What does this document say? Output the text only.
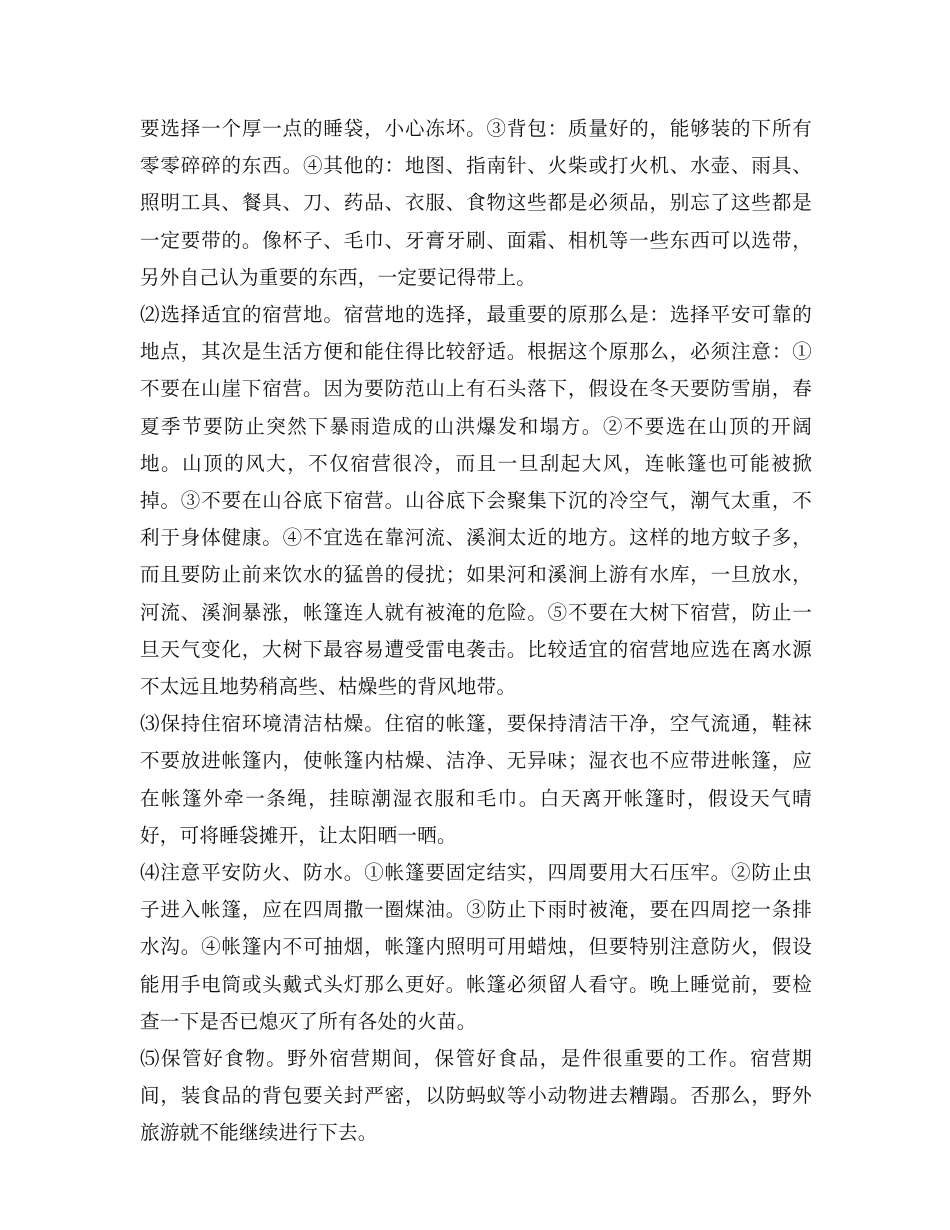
要选择一个厚一点的睡袋，小心冻坏。③背包：质量好的，能够装的下所有零零碎碎的东西。④其他的：地图、指南针、火柴或打火机、水壶、雨具、照明工具、餐具、刀、药品、衣服、食物这些都是必须品，别忘了这些都是一定要带的。像杯子、毛巾、牙膏牙刷、面霜、相机等一些东西可以选带，另外自己认为重要的东西，一定要记得带上。

⑵选择适宜的宿营地。宿营地的选择，最重要的原那么是：选择平安可靠的地点，其次是生活方便和能住得比较舒适。根据这个原那么，必须注意：①不要在山崖下宿营。因为要防范山上有石头落下，假设在冬天要防雪崩，春夏季节要防止突然下暴雨造成的山洪爆发和塌方。②不要选在山顶的开阔地。山顶的风大，不仅宿营很冷，而且一旦刮起大风，连帐篷也可能被掀掉。③不要在山谷底下宿营。山谷底下会聚集下沉的冷空气，潮气太重，不利于身体健康。④不宜选在靠河流、溪涧太近的地方。这样的地方蚊子多，而且要防止前来饮水的猛兽的侵扰；如果河和溪涧上游有水库，一旦放水，河流、溪涧暴涨，帐篷连人就有被淹的危险。⑤不要在大树下宿营，防止一旦天气变化，大树下最容易遭受雷电袭击。比较适宜的宿营地应选在离水源不太远且地势稍高些、枯燥些的背风地带。

⑶保持住宿环境清洁枯燥。住宿的帐篷，要保持清洁干净，空气流通，鞋袜不要放进帐篷内，使帐篷内枯燥、洁净、无异味；湿衣也不应带进帐篷，应在帐篷外牵一条绳，挂晾潮湿衣服和毛巾。白天离开帐篷时，假设天气晴好，可将睡袋摊开，让太阳晒一晒。

⑷注意平安防火、防水。①帐篷要固定结实，四周要用大石压牢。②防止虫子进入帐篷，应在四周撒一圈煤油。③防止下雨时被淹，要在四周挖一条排水沟。④帐篷内不可抽烟，帐篷内照明可用蜡烛，但要特别注意防火，假设能用手电筒或头戴式头灯那么更好。帐篷必须留人看守。晚上睡觉前，要检查一下是否已熄灭了所有各处的火苗。

⑸保管好食物。野外宿营期间，保管好食品，是件很重要的工作。宿营期间，装食品的背包要关封严密，以防蚂蚁等小动物进去糟蹋。否那么，野外旅游就不能继续进行下去。
